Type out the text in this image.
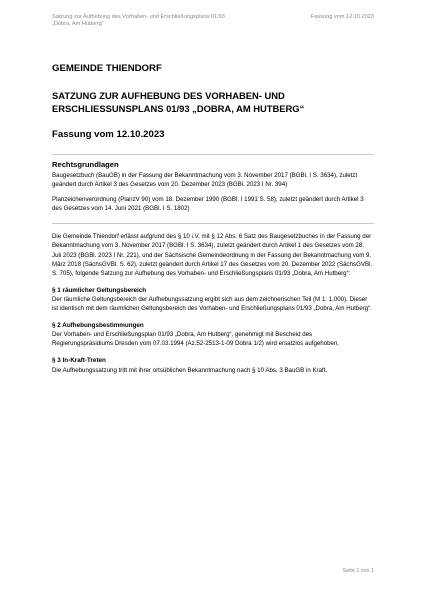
Satzung zur Aufhebung des Vorhaben- und Erschließungsplans 01/93
„Dobra, Am Hutberg“
Fassung vom 12.10.2023
GEMEINDE THIENDORF
SATZUNG ZUR AUFHEBUNG DES VORHABEN- UND
ERSCHLIESSUNSPLANS 01/93 „DOBRA, AM HUTBERG“
Fassung vom 12.10.2023
Rechtsgrundlagen

Baugesetzbuch (BauGB) in der Fassung der Bekanntmachung vom 3. November 2017 (BGBl. I S. 3634), zuletzt geändert durch Artikel 3 des Gesetzes vom 20. Dezember 2023 (BGBl. 2023 I Nr. 394)

Planzeichenverordnung (PlanzV 90) vom 18. Dezember 1990 (BGBl. I 1991 S. 58), zuletzt geändert durch Artikel 3 des Gesetzes vom 14. Juni 2021 (BGBl. I S. 1802)

Die Gemeinde Thiendorf erlässt aufgrund des § 10 i.V. mit § 12 Abs. 6 Satz des Baugesetzbuches in der Fassung der Bekanntmachung vom 3. November 2017 (BGBl. I S. 3634), zuletzt geändert durch Artikel 1 des Gesetzes vom 28. Juli 2023 (BGBl. 2023 I Nr. 221), und der Sächsische Gemeindeordnung in der Fassung der Bekanntmachung vom 9. März 2018 (SächsGVBl. S. 62), zuletzt geändert durch Artikel 17 des Gesetzes vom 20. Dezember 2022 (SächsGVBl. S. 705), folgende Satzung zur Aufhebung des Vorhaben- und Erschließungsplans 01/93 „Dobra, Am Hutberg“:

§ 1 räumlicher Geltungsbereich

Der räumliche Geltungsbereich der Aufhebungssatzung ergibt sich aus dem zeichnerischen Teil (M 1: 1.000). Dieser ist identisch mit dem räumlichen Geltungsbereich des Vorhaben- und Erschließungsplans 01/93 „Dobra, Am Hutberg“.

§ 2 Aufhebungsbestimmungen

Der Vorhaben- und Erschließungsplan 01/93 „Dobra, Am Hutberg“, genehmigt mit Bescheid des Regierungspräsidiums Dresden vom 07.03.1994 (Az.52-2513-1-09 Dobra 1/2) wird ersatzlos aufgehoben.

§ 3 In-Kraft-Treten

Die Aufhebungssatzung tritt mit ihrer ortsüblichen Bekanntmachung nach § 10 Abs. 3 BauGB in Kraft.

Seite 1 von 1
